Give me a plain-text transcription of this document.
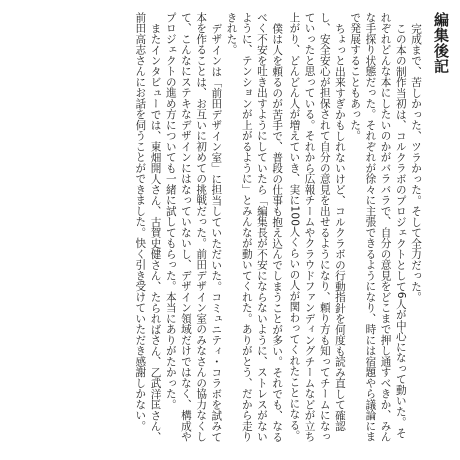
編集後記

完成まで、苦しかった、ツラかった。そして全力だった。

この本の制作当初は、コルクラボのプロジェクトとして6人が中心になって動いた。それぞれどんな本にしたいのかがバラバラで、自分の意見をどこまで押し通すべきか、みんな手探り状態だった。それぞれが徐々に主張できるようになり、時には宿題やら議論にまで発展することもあった。

ちょっと出来すぎかもしれないけど、コルクラボの行動指針を何度も読み直して確認し、安全安心が担保されて自分の意見を出せるようになり、頼り方も知ってチームになっていったと思っている。それから広報チームやクラウドファンディングチームなどが立ち上がり、どんどん人が増えていき、実に100人くらいの人が関わってくれたことになる。

僕は人を頼るのが苦手で、普段の仕事も抱え込んでしまうことが多い。それでも、なるべく不安を吐き出すようにしていたら「編集長が不安にならないように、ストレスがないように、テンションが上がるように」とみんなが動いてくれた。ありがとう、だから走りきれた。

デザインは「前田デザイン室」に担当していただいた。コミュニティ・コラボを試みて本を作ることは、お互いに初めての挑戦だった。前田デザイン室のみなさんの協力なくして、こんなにステキなデザインにはなっていないし、デザイン領域だけではなく、構成やプロジェクトの進め方についても一緒に試してもらった。本当にありがたかった。

またインタビューでは、東畑開人さん、古賀史健さん、たらればさん、乙武洋匡さん、前田高志さんにお話を伺うことができました。快く引き受けていただき感謝しかない。
